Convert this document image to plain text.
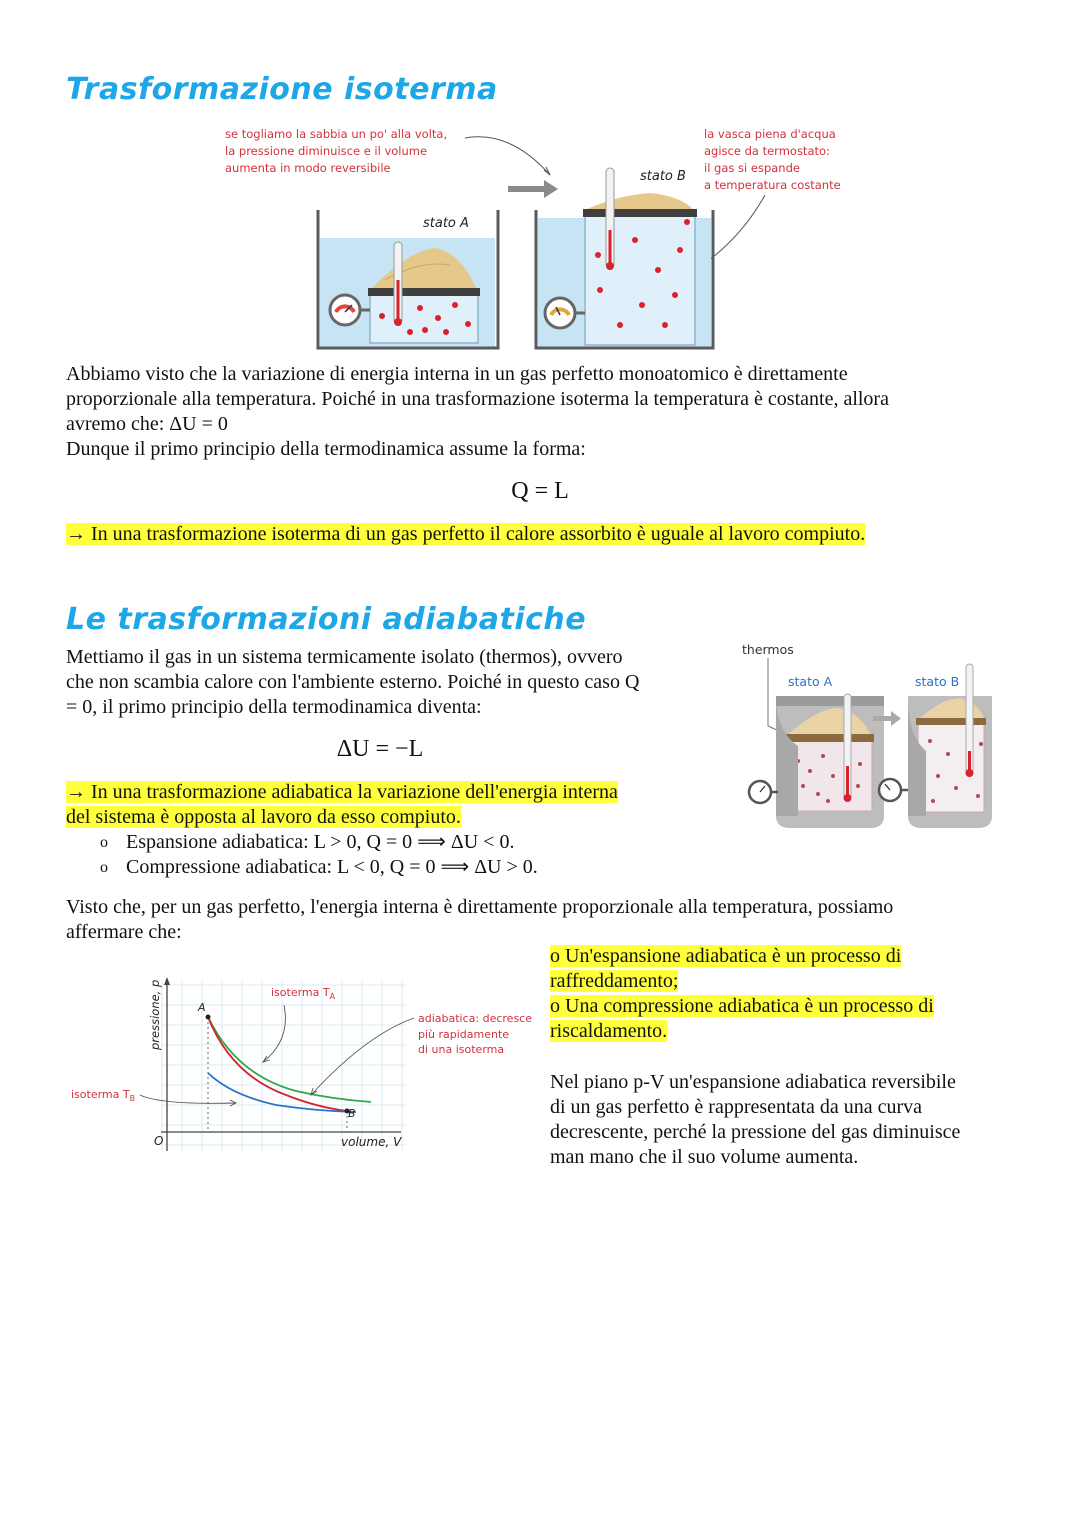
Trasformazione isoterma
se togliamo la sabbia un po' alla volta,
la pressione diminuisce e il volume
aumenta in modo reversibile
la vasca piena d'acqua
agisce da termostato:
il gas si espande
a temperatura costante
stato A
stato B
Abbiamo visto che la variazione di energia interna in un gas perfetto monoatomico è direttamente
proporzionale alla temperatura. Poiché in una trasformazione isoterma la temperatura è costante, allora
avremo che: ΔU = 0
Dunque il primo principio della termodinamica assume la forma:
Q = L
→ In una trasformazione isoterma di un gas perfetto il calore assorbito è uguale al lavoro compiuto.
Le trasformazioni adiabatiche
Mettiamo il gas in un sistema termicamente isolato (thermos), ovvero
che non scambia calore con l'ambiente esterno. Poiché in questo caso Q
= 0, il primo principio della termodinamica diventa:
ΔU = −L
thermos
stato A	stato B
→ In una trasformazione adiabatica la variazione dell'energia interna
del sistema è opposta al lavoro da esso compiuto.
o Espansione adiabatica: L > 0, Q = 0 ⟹ ΔU < 0.
o Compressione adiabatica: L < 0, Q = 0 ⟹ ΔU > 0.
Visto che, per un gas perfetto, l'energia interna è direttamente proporzionale alla temperatura, possiamo
affermare che:
pressione, p
volume, V
O
A
B
isoterma $T_A$
isoterma $T_B$
adiabatica: decresce
più rapidamente
di una isoterma
o Un'espansione adiabatica è un processo di
raffreddamento;
o Una compressione adiabatica è un processo di
riscaldamento.
Nel piano p-V un'espansione adiabatica reversibile
di un gas perfetto è rappresentata da una curva
decrescente, perché la pressione del gas diminuisce
man mano che il suo volume aumenta.
